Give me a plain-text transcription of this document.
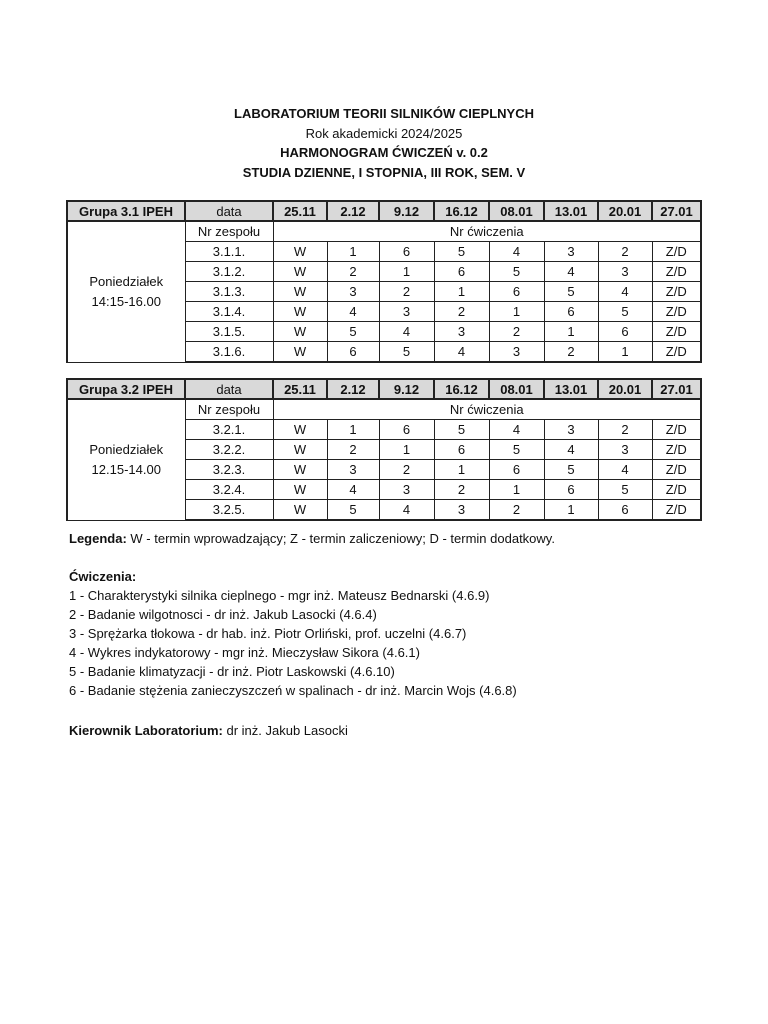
LABORATORIUM TEORII SILNIKÓW CIEPLNYCH
Rok akademicki 2024/2025
HARMONOGRAM ĆWICZEŃ v. 0.2
STUDIA DZIENNE, I STOPNIA, III ROK, SEM. V
Grupa 3.1 IPEH	data	25.11	2.12	9.12	16.12	08.01	13.01	20.01	27.01

Poniedziałek
14:15-16.00	Nr zespołu	Nr ćwiczenia							
	3.1.1.	W	1	6	5	4	3	2	Z/D
	3.1.2.	W	2	1	6	5	4	3	Z/D
	3.1.3.	W	3	2	1	6	5	4	Z/D
	3.1.4.	W	4	3	2	1	6	5	Z/D
	3.1.5.	W	5	4	3	2	1	6	Z/D
	3.1.6.	W	6	5	4	3	2	1	Z/D
Grupa 3.2 IPEH	data	25.11	2.12	9.12	16.12	08.01	13.01	20.01	27.01

Poniedziałek
12.15-14.00	Nr zespołu	Nr ćwiczenia							
	3.2.1.	W	1	6	5	4	3	2	Z/D
	3.2.2.	W	2	1	6	5	4	3	Z/D
	3.2.3.	W	3	2	1	6	5	4	Z/D
	3.2.4.	W	4	3	2	1	6	5	Z/D
	3.2.5.	W	5	4	3	2	1	6	Z/D
Legenda: W - termin wprowadzający; Z - termin zaliczeniowy; D - termin dodatkowy.
Ćwiczenia:
1 - Charakterystyki silnika cieplnego - mgr inż. Mateusz Bednarski (4.6.9)
2 - Badanie wilgotnosci - dr inż. Jakub Lasocki (4.6.4)
3 - Sprężarka tłokowa - dr hab. inż. Piotr Orliński, prof. uczelni (4.6.7)
4 - Wykres indykatorowy - mgr inż. Mieczysław Sikora (4.6.1)
5 - Badanie klimatyzacji - dr inż. Piotr Laskowski (4.6.10)
6 - Badanie stężenia zanieczyszczeń w spalinach - dr inż. Marcin Wojs (4.6.8)
Kierownik Laboratorium: dr inż. Jakub Lasocki
